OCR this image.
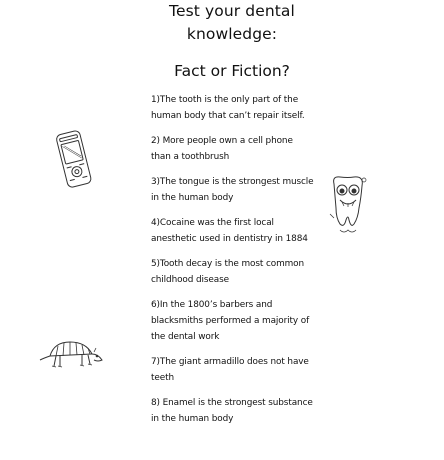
Test your dental
knowledge:
Fact or Fiction?
1)The tooth is the only part of the
human body that can’t repair itself.
2) More people own a cell phone
than a toothbrush
3)The tongue is the strongest muscle
in the human body
4)Cocaine was the first local
anesthetic used in dentistry in 1884
5)Tooth decay is the most common
childhood disease
6)In the 1800’s barbers and
blacksmiths performed a majority of
the dental work
7)The giant armadillo does not have
teeth
8) Enamel is the strongest substance
in the human body
